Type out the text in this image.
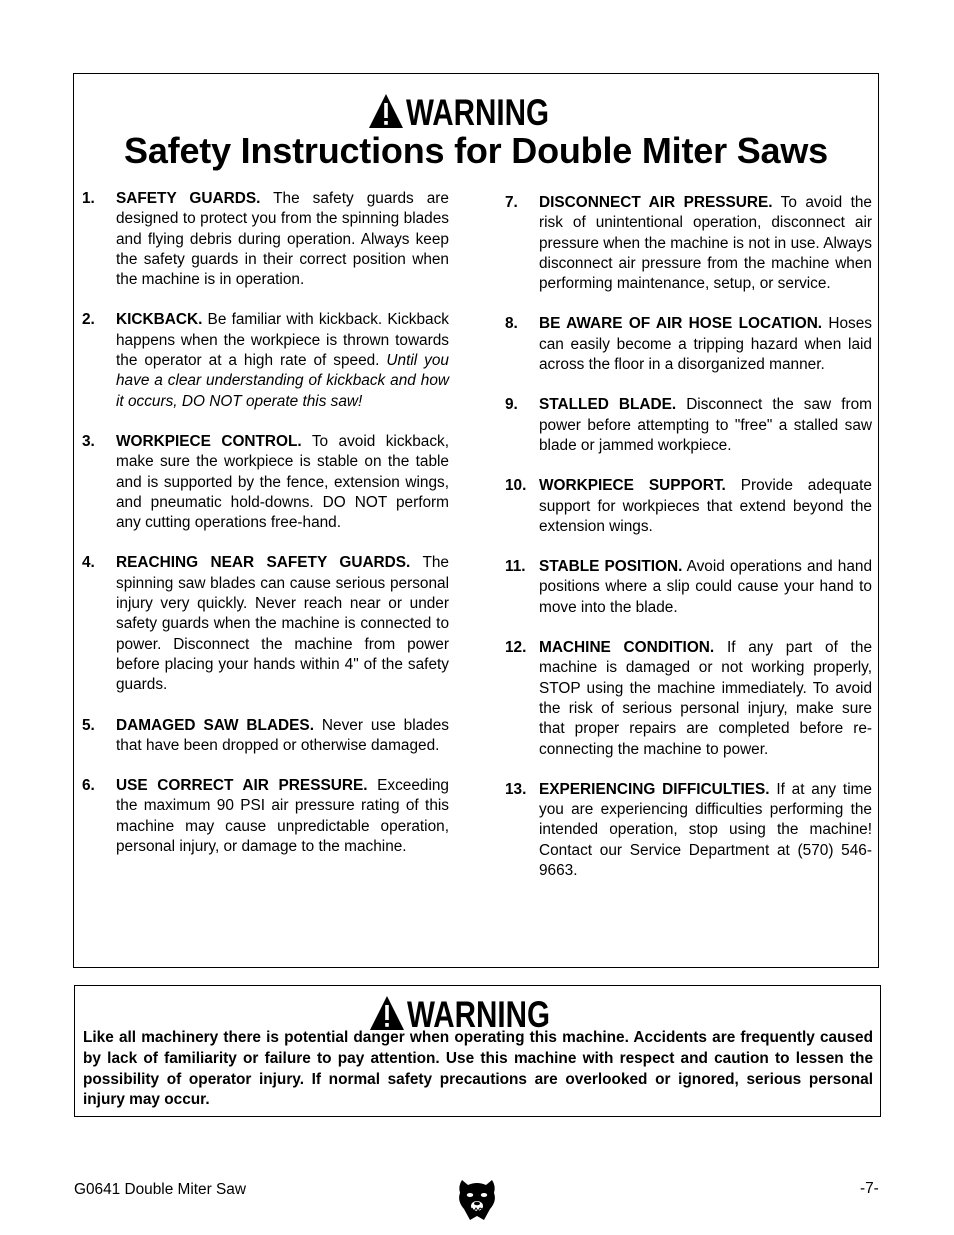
WARNING
Safety Instructions for Double Miter Saws
1. SAFETY GUARDS. The safety guards are designed to protect you from the spinning blades and flying debris during operation. Always keep the safety guards in their correct position when the machine is in operation.
2. KICKBACK. Be familiar with kickback. Kickback happens when the workpiece is thrown towards the operator at a high rate of speed. Until you have a clear understanding of kickback and how it occurs, DO NOT operate this saw!
3. WORKPIECE CONTROL. To avoid kickback, make sure the workpiece is stable on the table and is supported by the fence, extension wings, and pneumatic hold-downs. DO NOT perform any cutting operations free-hand.
4. REACHING NEAR SAFETY GUARDS. The spinning saw blades can cause serious personal injury very quickly. Never reach near or under safety guards when the machine is connected to power. Disconnect the machine from power before placing your hands within 4" of the safety guards.
5. DAMAGED SAW BLADES. Never use blades that have been dropped or otherwise damaged.
6. USE CORRECT AIR PRESSURE. Exceeding the maximum 90 PSI air pressure rating of this machine may cause unpredictable operation, personal injury, or damage to the machine.
7. DISCONNECT AIR PRESSURE. To avoid the risk of unintentional operation, disconnect air pressure when the machine is not in use. Always disconnect air pressure from the machine when performing maintenance, setup, or service.
8. BE AWARE OF AIR HOSE LOCATION. Hoses can easily become a tripping hazard when laid across the floor in a disorganized manner.
9. STALLED BLADE. Disconnect the saw from power before attempting to "free" a stalled saw blade or jammed workpiece.
10. WORKPIECE SUPPORT. Provide adequate support for workpieces that extend beyond the extension wings.
11. STABLE POSITION. Avoid operations and hand positions where a slip could cause your hand to move into the blade.
12. MACHINE CONDITION. If any part of the machine is damaged or not working properly, STOP using the machine immediately. To avoid the risk of serious personal injury, make sure that proper repairs are completed before re-connecting the machine to power.
13. EXPERIENCING DIFFICULTIES. If at any time you are experiencing difficulties performing the intended operation, stop using the machine! Contact our Service Department at (570) 546-9663.
WARNING
Like all machinery there is potential danger when operating this machine. Accidents are frequently caused by lack of familiarity or failure to pay attention. Use this machine with respect and caution to lessen the possibility of operator injury. If normal safety precautions are overlooked or ignored, serious personal injury may occur.
G0641 Double Miter Saw	-7-
